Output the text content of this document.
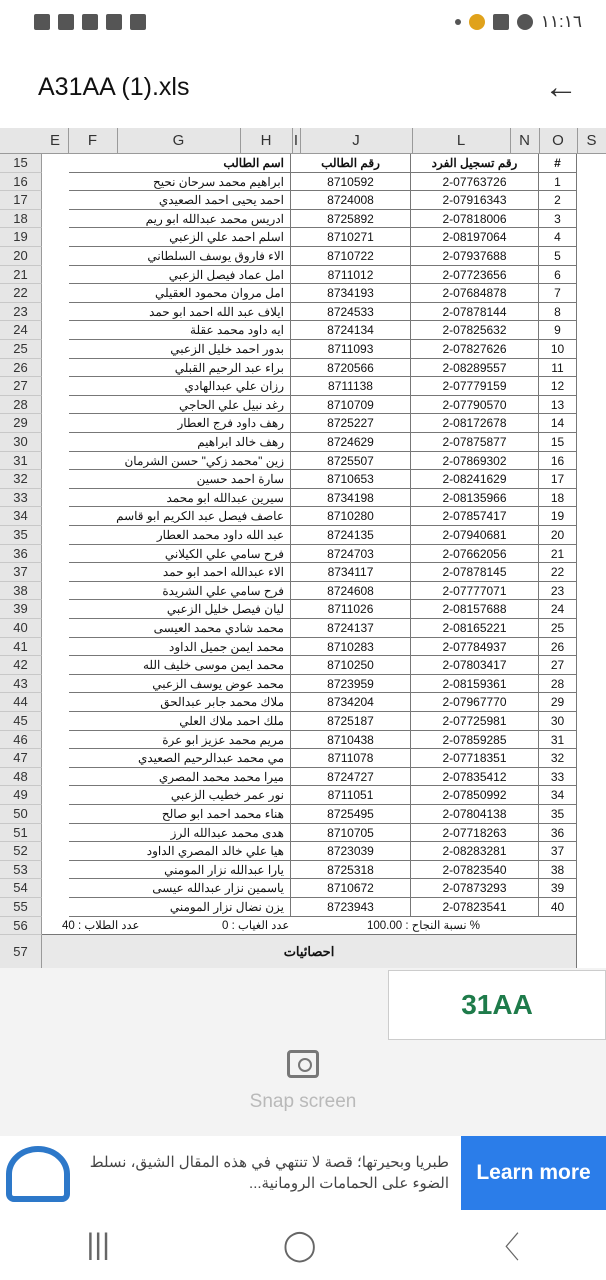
١١:١٦
A31AA (1).xls	←
E	F	G	H	I	J	L	N	O	S
15	اسم الطالب	رقم الطالب	رقم تسجيل الفرد	#
16	ابراهيم محمد سرحان نحيح	8710592	2-07763726	1
17	احمد يحيى احمد الصعيدي	8724008	2-07916343	2
18	ادريس محمد عبدالله ابو ريم	8725892	2-07818006	3
19	اسلم احمد علي الزعبي	8710271	2-08197064	4
20	الاء فاروق يوسف السلطاني	8710722	2-07937688	5
21	امل عماد فيصل الزعبي	8711012	2-07723656	6
22	امل مروان محمود العقيلي	8734193	2-07684878	7
23	ايلاف عبد الله احمد ابو حمد	8724533	2-07878144	8
24	ايه داود محمد عقلة	8724134	2-07825632	9
25	بدور احمد خليل الزعبي	8711093	2-07827626	10
26	براء عبد الرحيم القبلي	8720566	2-08289557	11
27	رزان علي عبدالهادي	8711138	2-07779159	12
28	رغد نبيل علي الحاجي	8710709	2-07790570	13
29	رهف داود فرج العطار	8725227	2-08172678	14
30	رهف خالد ابراهيم	8724629	2-07875877	15
31	زين "محمد زكي" حسن الشرمان	8725507	2-07869302	16
32	سارة احمد حسين	8710653	2-08241629	17
33	سيرين عبدالله ابو محمد	8734198	2-08135966	18
34	عاصف فيصل عبد الكريم ابو قاسم	8710280	2-07857417	19
35	عبد الله داود محمد العطار	8724135	2-07940681	20
36	فرح سامي علي الكيلاني	8724703	2-07662056	21
37	الاء عبدالله احمد ابو حمد	8734117	2-07878145	22
38	فرح سامي علي الشريدة	8724608	2-07777071	23
39	ليان فيصل خليل الزعبي	8711026	2-08157688	24
40	محمد شادي محمد العيسى	8724137	2-08165221	25
41	محمد ايمن جميل الداود	8710283	2-07784937	26
42	محمد ايمن موسى خليف الله	8710250	2-07803417	27
43	محمد عوض يوسف الزعبي	8723959	2-08159361	28
44	ملاك محمد جابر عبدالحق	8734204	2-07967770	29
45	ملك احمد ملاك العلي	8725187	2-07725981	30
46	مريم محمد عزيز ابو عرة	8710438	2-07859285	31
47	مي محمد عبدالرحيم الصعيدي	8711078	2-07718351	32
48	ميرا محمد محمد المصري	8724727	2-07835412	33
49	نور عمر خطيب الزعبي	8711051	2-07850992	34
50	هناء محمد احمد ابو صالح	8725495	2-07804138	35
51	هدى محمد عبدالله الرز	8710705	2-07718263	36
52	هيا علي خالد المصري الداود	8723039	2-08283281	37
53	يارا عبدالله نزار المومني	8725318	2-07823540	38
54	ياسمين نزار عبدالله عيسى	8710672	2-07873293	39
55	يزن نضال نزار المومني	8723943	2-07823541	40
56	عدد الطلاب : 40	عدد الغياب : 0	% نسبة النجاح : 100.00
57	احصائيات
31AA
Snap screen
طبريا وبحيرتها؛ قصة لا تنتهي في هذه المقال الشيق، نسلط الضوء على الحمامات الرومانية...	Learn more
|||	◯	〈
